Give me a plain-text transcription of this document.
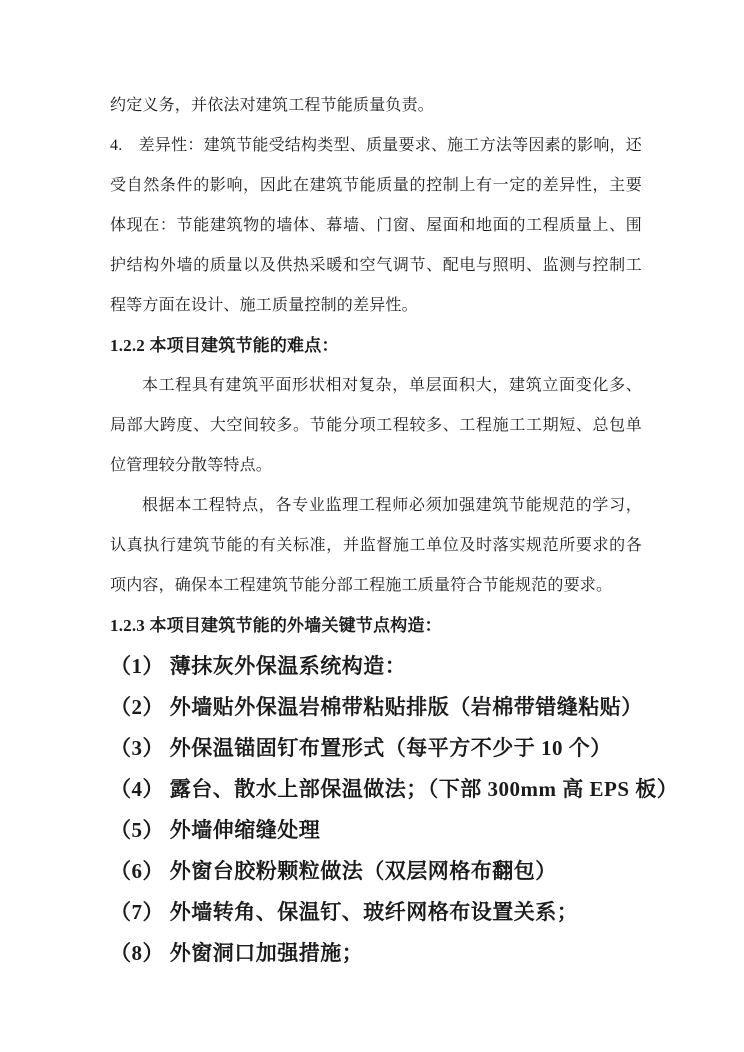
约定义务，并依法对建筑工程节能质量负责。

4.　差异性：建筑节能受结构类型、质量要求、施工方法等因素的影响，还受自然条件的影响，因此在建筑节能质量的控制上有一定的差异性，主要体现在：节能建筑物的墙体、幕墙、门窗、屋面和地面的工程质量上、围护结构外墙的质量以及供热采暖和空气调节、配电与照明、监测与控制工程等方面在设计、施工质量控制的差异性。

1.2.2 本项目建筑节能的难点：

本工程具有建筑平面形状相对复杂，单层面积大，建筑立面变化多、局部大跨度、大空间较多。节能分项工程较多、工程施工工期短、总包单位管理较分散等特点。

根据本工程特点，各专业监理工程师必须加强建筑节能规范的学习，认真执行建筑节能的有关标准，并监督施工单位及时落实规范所要求的各项内容，确保本工程建筑节能分部工程施工质量符合节能规范的要求。

1.2.3 本项目建筑节能的外墙关键节点构造：

（1） 薄抹灰外保温系统构造：

（2） 外墙贴外保温岩棉带粘贴排版（岩棉带错缝粘贴）

（3） 外保温锚固钉布置形式（每平方不少于 10 个）

（4） 露台、散水上部保温做法；（下部 300mm 高 EPS 板）

（5） 外墙伸缩缝处理

（6） 外窗台胶粉颗粒做法（双层网格布翻包）

（7） 外墙转角、保温钉、玻纤网格布设置关系；

（8） 外窗洞口加强措施；
